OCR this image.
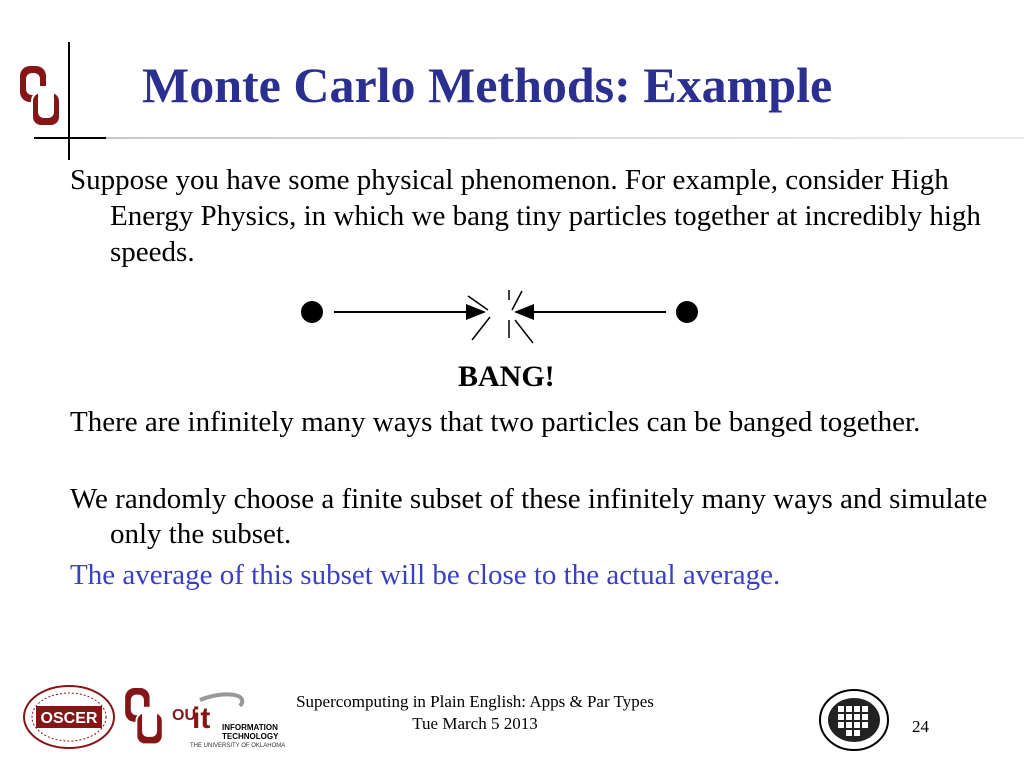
Monte Carlo Methods: Example
Suppose you have some physical phenomenon. For example, consider High Energy Physics, in which we bang tiny particles together at incredibly high speeds.
BANG!
There are infinitely many ways that two particles can be banged together.
We randomly choose a finite subset of these infinitely many ways and simulate only the subset.
The average of this subset will be close to the actual average.
OSCER	OU
it INFORMATION
TECHNOLOGY
THE UNIVERSITY OF OKLAHOMA
Supercomputing in Plain English: Apps & Par Types
Tue March 5 2013	24
